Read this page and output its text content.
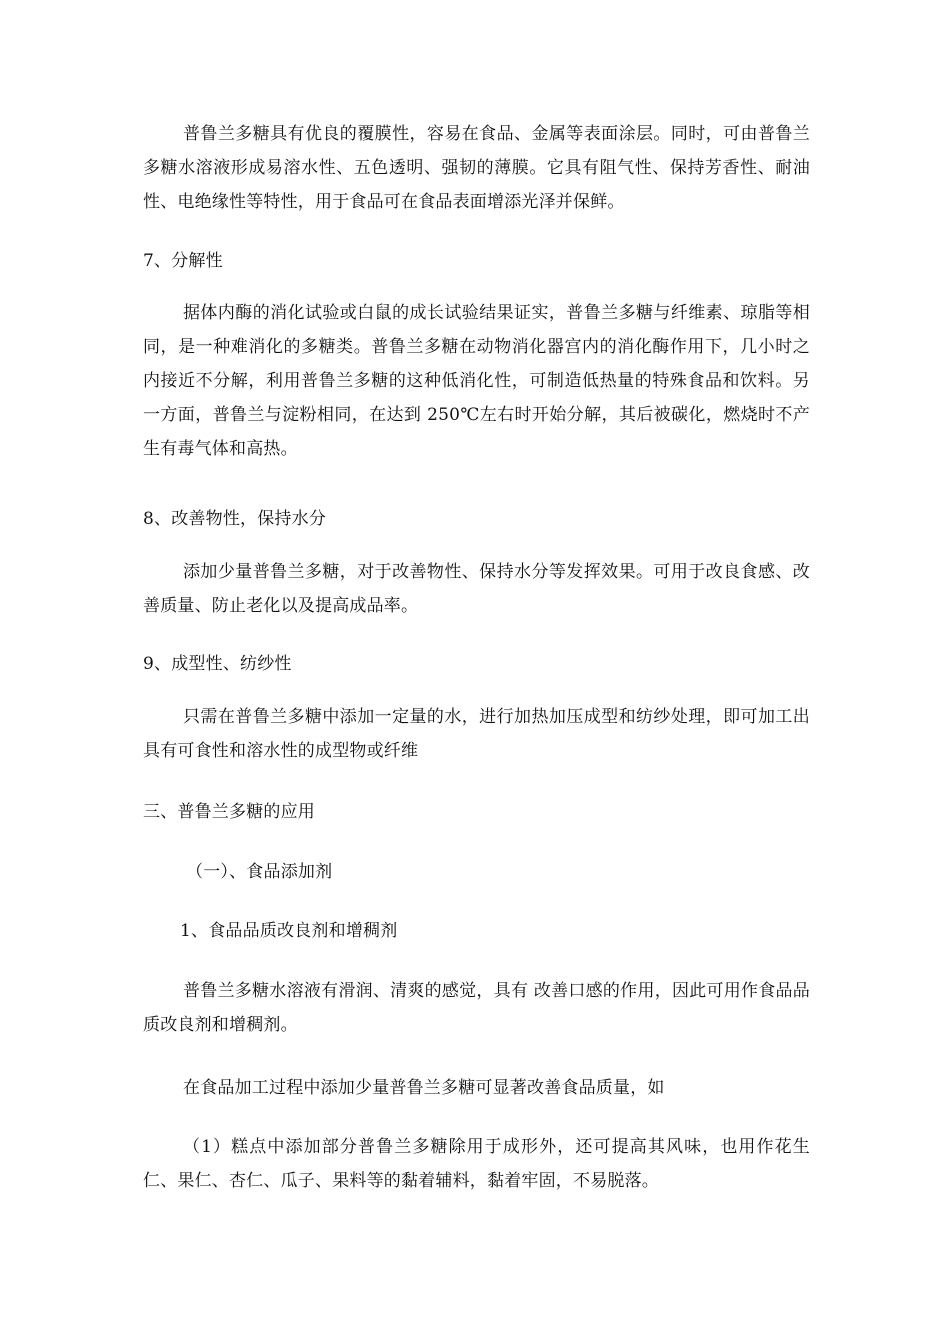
普鲁兰多糖具有优良的覆膜性，容易在食品、金属等表面涂层。同时，可由普鲁兰多糖水溶液形成易溶水性、五色透明、强韧的薄膜。它具有阻气性、保持芳香性、耐油性、电绝缘性等特性，用于食品可在食品表面增添光泽并保鲜。
7、分解性
据体内酶的消化试验或白鼠的成长试验结果证实，普鲁兰多糖与纤维素、琼脂等相同，是一种难消化的多糖类。普鲁兰多糖在动物消化器宫内的消化酶作用下，几小时之内接近不分解，利用普鲁兰多糖的这种低消化性，可制造低热量的特殊食品和饮料。另一方面，普鲁兰与淀粉相同，在达到 250℃左右时开始分解，其后被碳化，燃烧时不产生有毒气体和高热。
8、改善物性，保持水分
添加少量普鲁兰多糖，对于改善物性、保持水分等发挥效果。可用于改良食感、改善质量、防止老化以及提高成品率。
9、成型性、纺纱性
只需在普鲁兰多糖中添加一定量的水，进行加热加压成型和纺纱处理，即可加工出具有可食性和溶水性的成型物或纤维
三、普鲁兰多糖的应用
（一）、食品添加剂
1、食品品质改良剂和增稠剂
普鲁兰多糖水溶液有滑润、清爽的感觉，具有 改善口感的作用，因此可用作食品品质改良剂和增稠剂。
在食品加工过程中添加少量普鲁兰多糖可显著改善食品质量，如
（1）糕点中添加部分普鲁兰多糖除用于成形外，还可提高其风味，也用作花生仁、果仁、杏仁、瓜子、果料等的黏着辅料，黏着牢固，不易脱落。
